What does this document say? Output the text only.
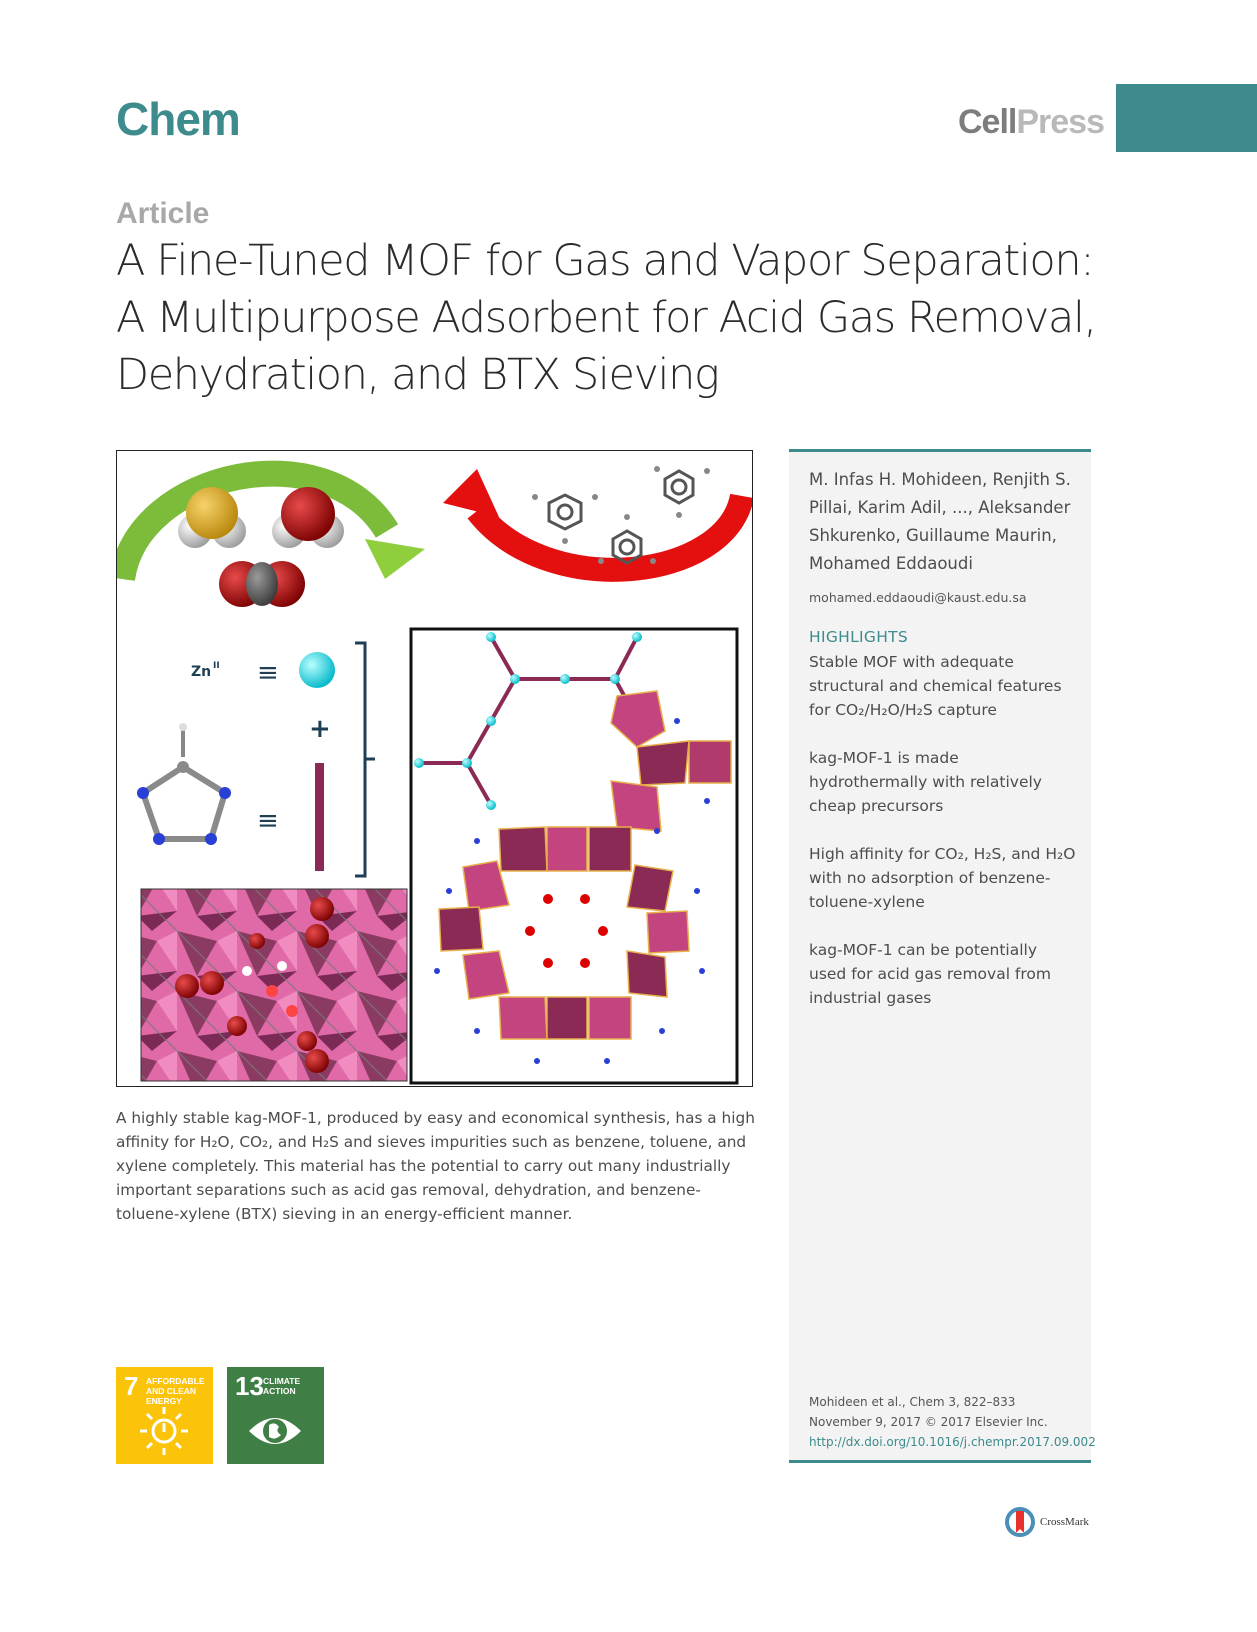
Chem	CellPress
Article
A Fine-Tuned MOF for Gas and Vapor Separation:
A Multipurpose Adsorbent for Acid Gas Removal,
Dehydration, and BTX Sieving
Zn II ≡
+
≡
A highly stable kag-MOF-1, produced by easy and economical synthesis, has a high affinity for H₂O, CO₂, and H₂S and sieves impurities such as benzene, toluene, and xylene completely. This material has the potential to carry out many industrially important separations such as acid gas removal, dehydration, and benzene-toluene-xylene (BTX) sieving in an energy-efficient manner.
M. Infas H. Mohideen, Renjith S. Pillai, Karim Adil, ..., Aleksander Shkurenko, Guillaume Maurin, Mohamed Eddaoudi
mohamed.eddaoudi@kaust.edu.sa
HIGHLIGHTS
Stable MOF with adequate structural and chemical features for CO₂/H₂O/H₂S capture
kag-MOF-1 is made hydrothermally with relatively cheap precursors
High affinity for CO₂, H₂S, and H₂O with no adsorption of benzene-toluene-xylene
kag-MOF-1 can be potentially used for acid gas removal from industrial gases
Mohideen et al., Chem 3, 822–833
November 9, 2017 © 2017 Elsevier Inc.
http://dx.doi.org/10.1016/j.chempr.2017.09.002
7 AFFORDABLE AND CLEAN ENERGY	13 CLIMATE ACTION
CrossMark
